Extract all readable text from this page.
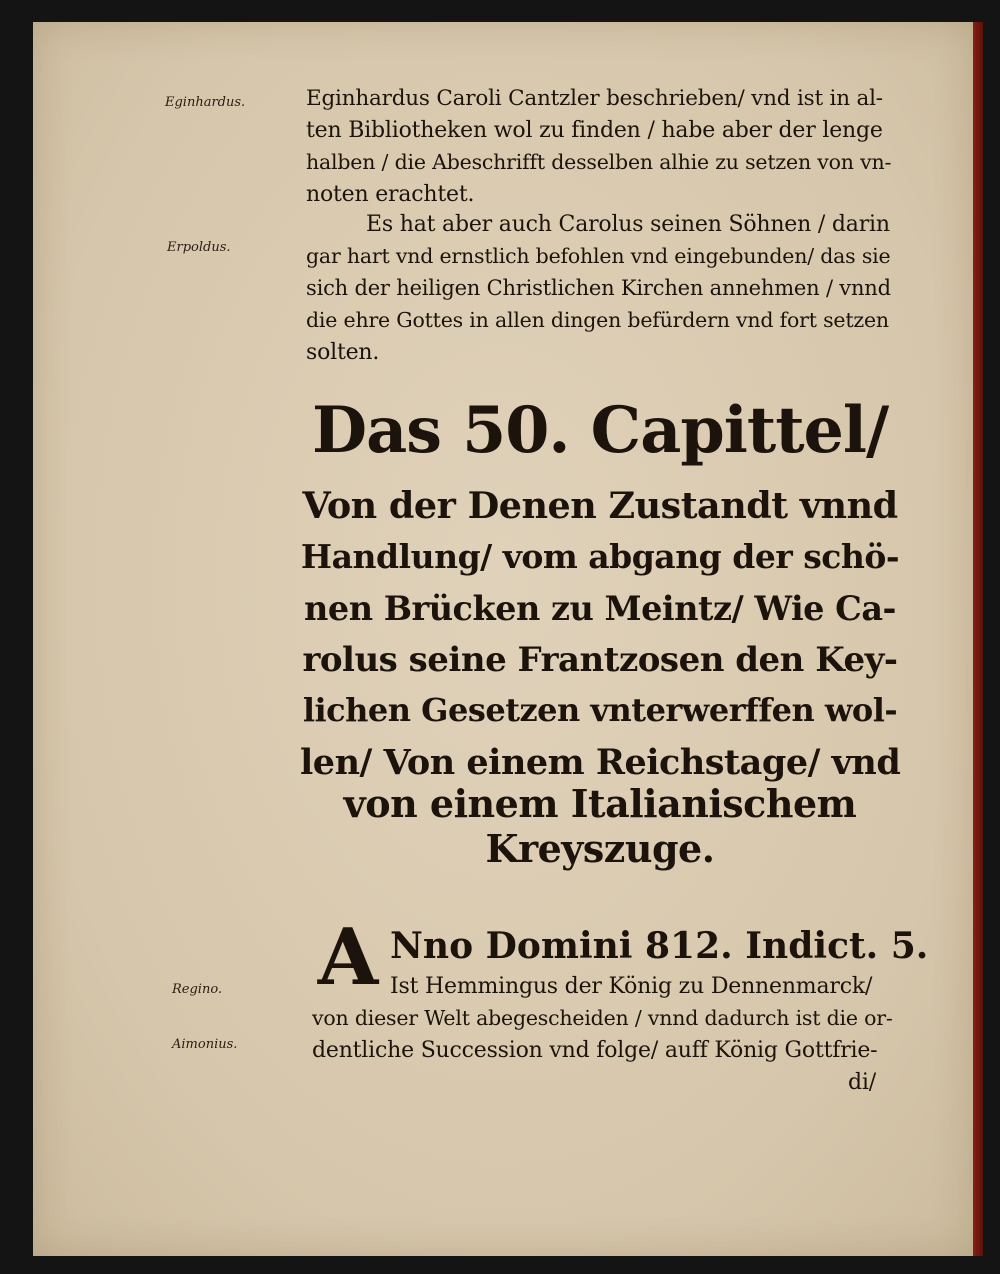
Eginhardus.
Erpoldus.
Regino.
Aimonius.
Eginhardus Caroli Cantzler beschrieben/ vnd ist in al-
ten Bibliotheken wol zu finden / habe aber der lenge
halben / die Abeschrifft desselben alhie zu setzen von vn-
noten erachtet.
Es hat aber auch Carolus seinen Söhnen / darin
gar hart vnd ernstlich befohlen vnd eingebunden/ das sie
sich der heiligen Christlichen Kirchen annehmen / vnnd
die ehre Gottes in allen dingen befürdern vnd fort setzen
solten.
Das 50. Capittel/
Von der Denen Zustandt vnnd
Handlung/ vom abgang der schö-
nen Brücken zu Meintz/ Wie Ca-
rolus seine Frantzosen den Key-
lichen Gesetzen vnterwerffen wol-
len/ Von einem Reichstage/ vnd
von einem Italianischem
Kreyszuge.
A Nno Domini 812. Indict. 5.
Ist Hemmingus der König zu Dennenmarck/
von dieser Welt abegescheiden / vnnd dadurch ist die or-
dentliche Succession vnd folge/ auff König Gottfrie-
di/
